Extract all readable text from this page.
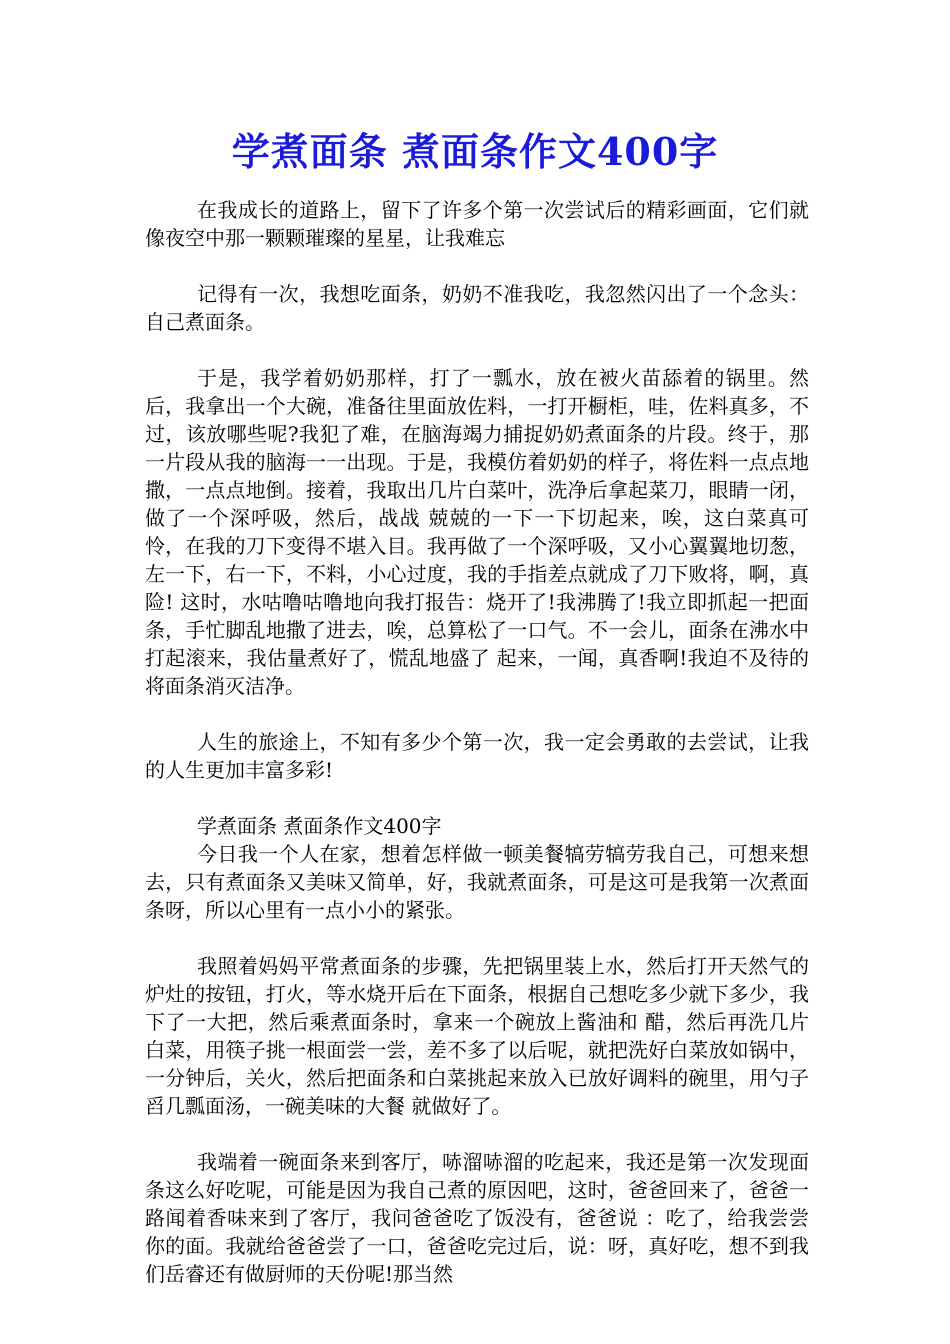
学煮面条 煮面条作文400字

在我成长的道路上，留下了许多个第一次尝试后的精彩画面，它们就像夜空中那一颗颗璀璨的星星，让我难忘

记得有一次，我想吃面条，奶奶不准我吃，我忽然闪出了一个念头：自己煮面条。

于是，我学着奶奶那样，打了一瓢水，放在被火苗舔着的锅里。然后，我拿出一个大碗，准备往里面放佐料，一打开橱柜，哇，佐料真多，不过，该放哪些呢?我犯了难，在脑海竭力捕捉奶奶煮面条的片段。终于，那一片段从我的脑海一一出现。于是，我模仿着奶奶的样子，将佐料一点点地撒，一点点地倒。接着，我取出几片白菜叶，洗净后拿起菜刀，眼睛一闭，做了一个深呼吸，然后，战战 兢兢的一下一下切起来，唉，这白菜真可怜，在我的刀下变得不堪入目。我再做了一个深呼吸，又小心翼翼地切葱，左一下，右一下，不料，小心过度，我的手指差点就成了刀下败将，啊，真险! 这时，水咕噜咕噜地向我打报告：烧开了!我沸腾了!我立即抓起一把面条，手忙脚乱地撒了进去，唉，总算松了一口气。不一会儿，面条在沸水中打起滚来，我估量煮好了，慌乱地盛了 起来，一闻，真香啊!我迫不及待的将面条消灭洁净。

人生的旅途上，不知有多少个第一次，我一定会勇敢的去尝试，让我的人生更加丰富多彩!

学煮面条 煮面条作文400字

今日我一个人在家，想着怎样做一顿美餐犒劳犒劳我自己，可想来想去，只有煮面条又美味又简单，好，我就煮面条，可是这可是我第一次煮面条呀，所以心里有一点小小的紧张。

我照着妈妈平常煮面条的步骤，先把锅里装上水，然后打开天然气的炉灶的按钮，打火，等水烧开后在下面条，根据自己想吃多少就下多少，我下了一大把，然后乘煮面条时，拿来一个碗放上酱油和 醋，然后再洗几片白菜，用筷子挑一根面尝一尝，差不多了以后呢，就把洗好白菜放如锅中，一分钟后，关火，然后把面条和白菜挑起来放入已放好调料的碗里，用勺子舀几瓢面汤，一碗美味的大餐 就做好了。

我端着一碗面条来到客厅，哧溜哧溜的吃起来，我还是第一次发现面条这么好吃呢，可能是因为我自己煮的原因吧，这时，爸爸回来了，爸爸一路闻着香味来到了客厅，我问爸爸吃了饭没有，爸爸说 ：吃了，给我尝尝你的面。我就给爸爸尝了一口，爸爸吃完过后，说：呀，真好吃，想不到我们岳睿还有做厨师的天份呢!那当然
